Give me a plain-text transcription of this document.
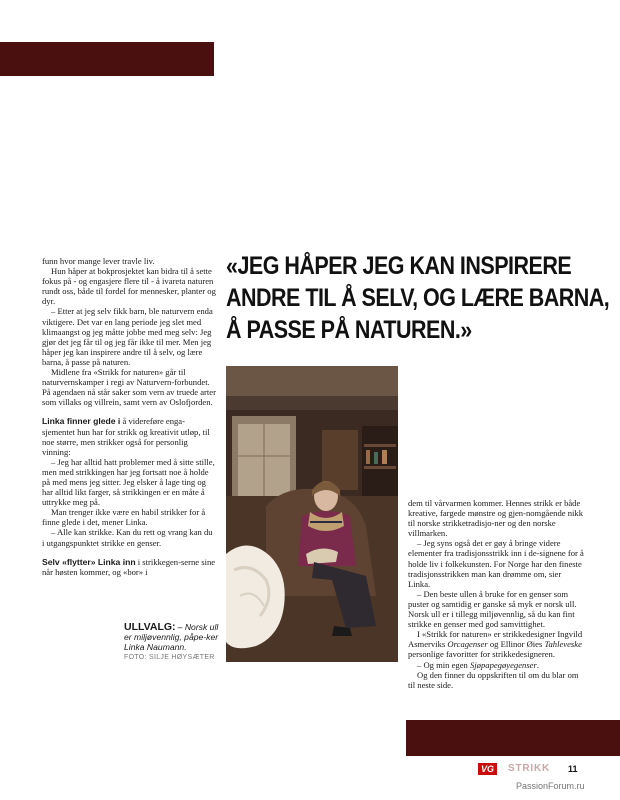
funn hvor mange lever travle liv.

Hun håper at bokprosjektet kan bidra til å sette fokus på - og engasjere flere til - å ivareta naturen rundt oss, både til fordel for mennesker, planter og dyr.

– Etter at jeg selv fikk barn, ble naturvern enda viktigere. Det var en lang periode jeg slet med klimaangst og jeg måtte jobbe med meg selv: Jeg gjør det jeg får til og jeg får ikke til mer. Men jeg håper jeg kan inspirere andre til å selv, og lære barna, å passe på naturen.

Midlene fra «Strikk for naturen» går til naturvernskamper i regi av Naturvern-forbundet. På agendaen nå står saker som vern av truede arter som villaks og villrein, samt vern av Oslofjorden.

Linka finner glede i å videreføre enga-sjementet hun har for strikk og kreativit utløp, til noe større, men strikker også for personlig vinning:

– Jeg har alltid hatt problemer med å sitte stille, men med strikkingen har jeg fortsatt noe å holde på med mens jeg sitter. Jeg elsker å lage ting og har alltid likt farger, så strikkingen er en måte å uttrykke meg på.

Man trenger ikke være en habil strikker for å finne glede i det, mener Linka.

– Alle kan strikke. Kan du rett og vrang kan du i utgangspunktet strikke en genser.

Selv «flytter» Linka inn i strikkegen-serne sine når høsten kommer, og «bor» i

«JEG HÅPER JEG KAN INSPIRERE
ANDRE TIL Å SELV, OG LÆRE BARNA,
Å PASSE PÅ NATUREN.»
ULLVALG: – Norsk ull er miljøvennlig, påpe-ker Linka Naumann.
FOTO: SILJE HØYSÆTER

dem til vårvarmen kommer. Hennes strikk er både kreative, fargede mønstre og gjen-nomgående nikk til norske strikketradisjo-ner og den norske villmarken.

– Jeg syns også det er gøy å bringe videre elementer fra tradisjonsstrikk inn i de-signene for å holde liv i folkekunsten. For Norge har den fineste tradisjonsstrikken man kan drømme om, sier Linka.

– Den beste ullen å bruke for en genser som puster og samtidig er ganske så myk er norsk ull. Norsk ull er i tillegg miljøvennlig, så du kan fint strikke en genser med god samvittighet.

I «Strikk for naturen» er strikkedesigner Ingvild Asmerviks Orcagenser og Ellinor Øies Tahleveske personlige favoritter for strikkedesigneren.

– Og min egen Sjøpapegøyegenser.

Og den finner du oppskriften til om du blar om til neste side.

VG	STRIKK 11
PassionForum.ru
